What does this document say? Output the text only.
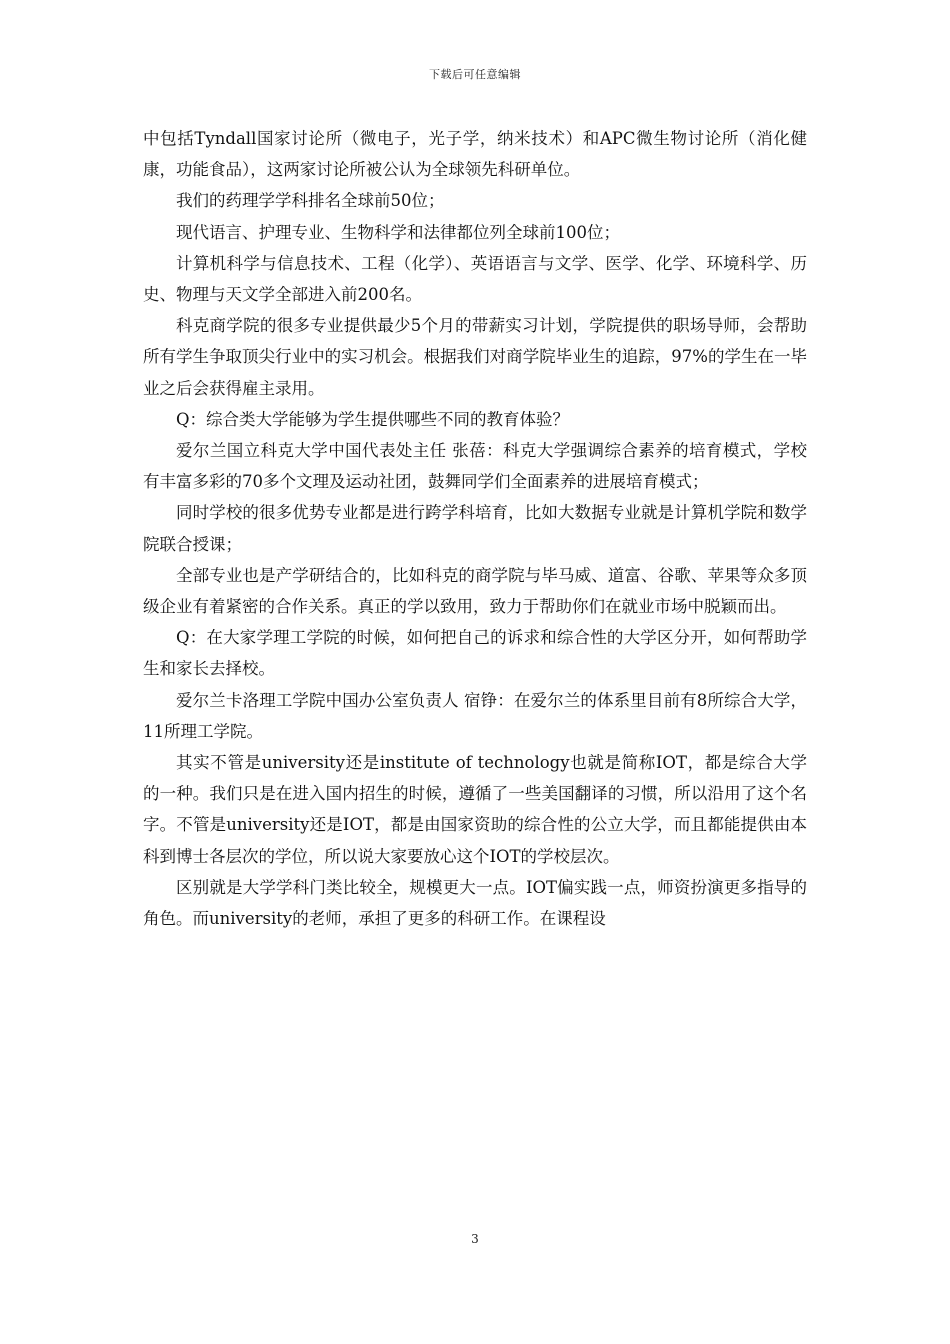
下载后可任意编辑

中包括Tyndall国家讨论所（微电子，光子学，纳米技术）和APC微生物讨论所（消化健康，功能食品），这两家讨论所被公认为全球领先科研单位。

我们的药理学学科排名全球前50位；

现代语言、护理专业、生物科学和法律都位列全球前100位；

计算机科学与信息技术、工程（化学）、英语语言与文学、医学、化学、环境科学、历史、物理与天文学全部进入前200名。

科克商学院的很多专业提供最少5个月的带薪实习计划，学院提供的职场导师，会帮助所有学生争取顶尖行业中的实习机会。根据我们对商学院毕业生的追踪，97%的学生在一毕业之后会获得雇主录用。

Q：综合类大学能够为学生提供哪些不同的教育体验？

爱尔兰国立科克大学中国代表处主任 张蓓：科克大学强调综合素养的培育模式，学校有丰富多彩的70多个文理及运动社团，鼓舞同学们全面素养的进展培育模式；

同时学校的很多优势专业都是进行跨学科培育，比如大数据专业就是计算机学院和数学院联合授课；

全部专业也是产学研结合的，比如科克的商学院与毕马威、道富、谷歌、苹果等众多顶级企业有着紧密的合作关系。真正的学以致用，致力于帮助你们在就业市场中脱颖而出。

Q：在大家学理工学院的时候，如何把自己的诉求和综合性的大学区分开，如何帮助学生和家长去择校。

爱尔兰卡洛理工学院中国办公室负责人 宿铮：在爱尔兰的体系里目前有8所综合大学，11所理工学院。

其实不管是university还是institute of technology也就是简称IOT，都是综合大学的一种。我们只是在进入国内招生的时候，遵循了一些美国翻译的习惯，所以沿用了这个名字。不管是university还是IOT，都是由国家资助的综合性的公立大学，而且都能提供由本科到博士各层次的学位，所以说大家要放心这个IOT的学校层次。

区别就是大学学科门类比较全，规模更大一点。IOT偏实践一点，师资扮演更多指导的角色。而university的老师，承担了更多的科研工作。在课程设

3
